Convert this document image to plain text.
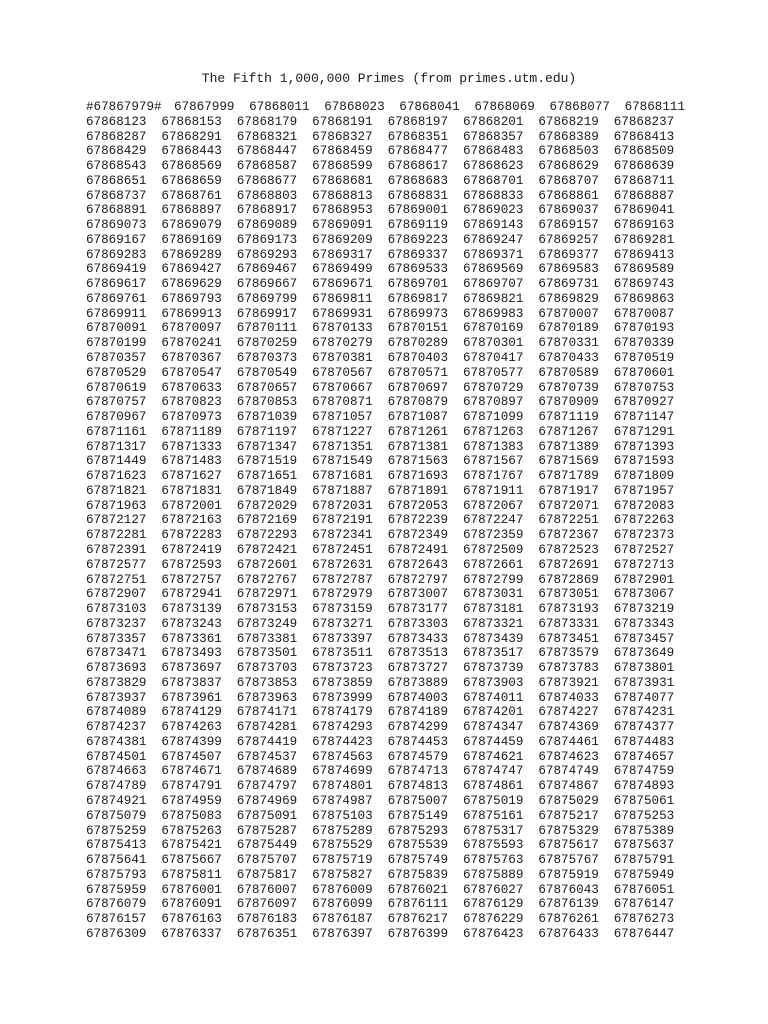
The Fifth 1,000,000 Primes (from primes.utm.edu)
#67867979# 67867999	67868011	67868023	67868041	67868069	67868077	67868111
67868123	67868153	67868179	67868191	67868197	67868201	67868219	67868237
67868287	67868291	67868321	67868327	67868351	67868357	67868389	67868413
67868429	67868443	67868447	67868459	67868477	67868483	67868503	67868509
67868543	67868569	67868587	67868599	67868617	67868623	67868629	67868639
67868651	67868659	67868677	67868681	67868683	67868701	67868707	67868711
67868737	67868761	67868803	67868813	67868831	67868833	67868861	67868887
67868891	67868897	67868917	67868953	67869001	67869023	67869037	67869041
67869073	67869079	67869089	67869091	67869119	67869143	67869157	67869163
67869167	67869169	67869173	67869209	67869223	67869247	67869257	67869281
67869283	67869289	67869293	67869317	67869337	67869371	67869377	67869413
67869419	67869427	67869467	67869499	67869533	67869569	67869583	67869589
67869617	67869629	67869667	67869671	67869701	67869707	67869731	67869743
67869761	67869793	67869799	67869811	67869817	67869821	67869829	67869863
67869911	67869913	67869917	67869931	67869973	67869983	67870007	67870087
67870091	67870097	67870111	67870133	67870151	67870169	67870189	67870193
67870199	67870241	67870259	67870279	67870289	67870301	67870331	67870339
67870357	67870367	67870373	67870381	67870403	67870417	67870433	67870519
67870529	67870547	67870549	67870567	67870571	67870577	67870589	67870601
67870619	67870633	67870657	67870667	67870697	67870729	67870739	67870753
67870757	67870823	67870853	67870871	67870879	67870897	67870909	67870927
67870967	67870973	67871039	67871057	67871087	67871099	67871119	67871147
67871161	67871189	67871197	67871227	67871261	67871263	67871267	67871291
67871317	67871333	67871347	67871351	67871381	67871383	67871389	67871393
67871449	67871483	67871519	67871549	67871563	67871567	67871569	67871593
67871623	67871627	67871651	67871681	67871693	67871767	67871789	67871809
67871821	67871831	67871849	67871887	67871891	67871911	67871917	67871957
67871963	67872001	67872029	67872031	67872053	67872067	67872071	67872083
67872127	67872163	67872169	67872191	67872239	67872247	67872251	67872263
67872281	67872283	67872293	67872341	67872349	67872359	67872367	67872373
67872391	67872419	67872421	67872451	67872491	67872509	67872523	67872527
67872577	67872593	67872601	67872631	67872643	67872661	67872691	67872713
67872751	67872757	67872767	67872787	67872797	67872799	67872869	67872901
67872907	67872941	67872971	67872979	67873007	67873031	67873051	67873067
67873103	67873139	67873153	67873159	67873177	67873181	67873193	67873219
67873237	67873243	67873249	67873271	67873303	67873321	67873331	67873343
67873357	67873361	67873381	67873397	67873433	67873439	67873451	67873457
67873471	67873493	67873501	67873511	67873513	67873517	67873579	67873649
67873693	67873697	67873703	67873723	67873727	67873739	67873783	67873801
67873829	67873837	67873853	67873859	67873889	67873903	67873921	67873931
67873937	67873961	67873963	67873999	67874003	67874011	67874033	67874077
67874089	67874129	67874171	67874179	67874189	67874201	67874227	67874231
67874237	67874263	67874281	67874293	67874299	67874347	67874369	67874377
67874381	67874399	67874419	67874423	67874453	67874459	67874461	67874483
67874501	67874507	67874537	67874563	67874579	67874621	67874623	67874657
67874663	67874671	67874689	67874699	67874713	67874747	67874749	67874759
67874789	67874791	67874797	67874801	67874813	67874861	67874867	67874893
67874921	67874959	67874969	67874987	67875007	67875019	67875029	67875061
67875079	67875083	67875091	67875103	67875149	67875161	67875217	67875253
67875259	67875263	67875287	67875289	67875293	67875317	67875329	67875389
67875413	67875421	67875449	67875529	67875539	67875593	67875617	67875637
67875641	67875667	67875707	67875719	67875749	67875763	67875767	67875791
67875793	67875811	67875817	67875827	67875839	67875889	67875919	67875949
67875959	67876001	67876007	67876009	67876021	67876027	67876043	67876051
67876079	67876091	67876097	67876099	67876111	67876129	67876139	67876147
67876157	67876163	67876183	67876187	67876217	67876229	67876261	67876273
67876309	67876337	67876351	67876397	67876399	67876423	67876433	67876447
